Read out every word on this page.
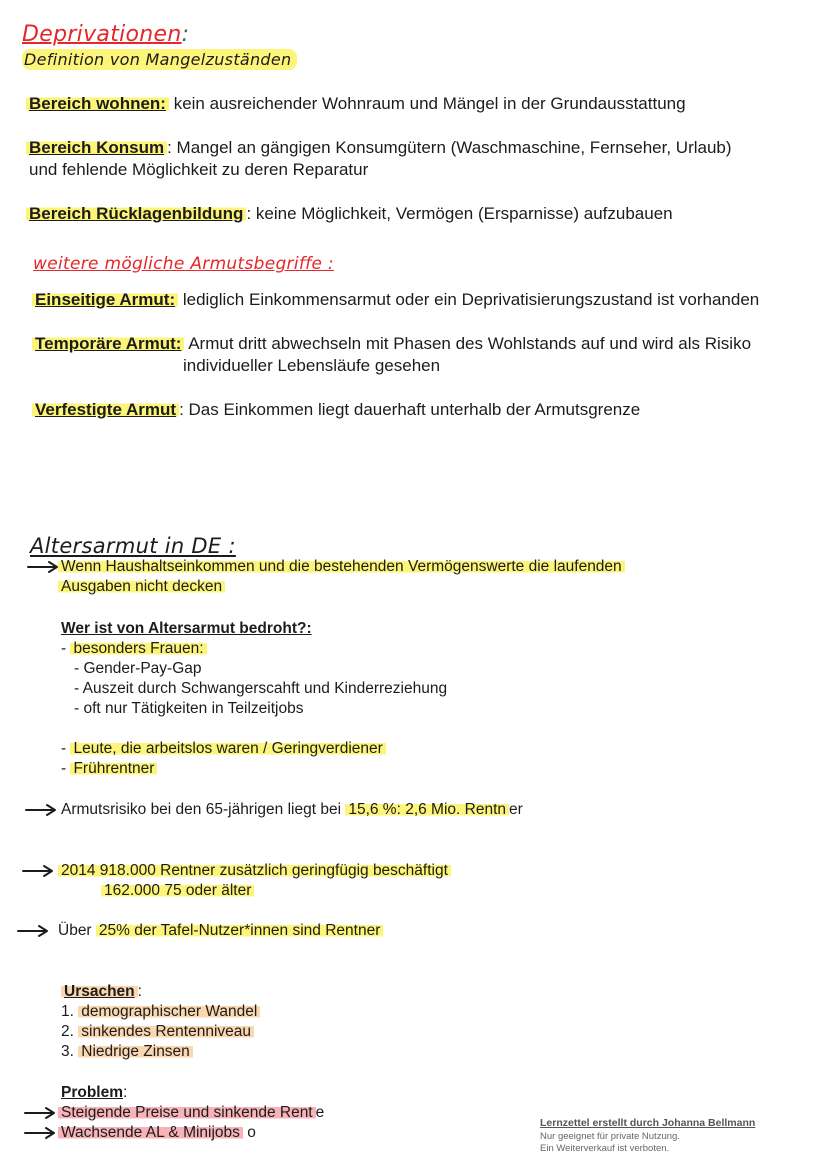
Deprivationen:
Definition von Mangelzuständen
Bereich wohnen: kein ausreichender Wohnraum und Mängel in der Grundausstattung
Bereich Konsum : Mangel an gängigen Konsumgütern (Waschmaschine, Fernseher, Urlaub)
und fehlende Möglichkeit zu deren Reparatur
Bereich Rücklagenbildung : keine Möglichkeit, Vermögen (Ersparnisse) aufzubauen
weitere mögliche Armutsbegriffe :
Einseitige Armut: lediglich Einkommensarmut oder ein Deprivatisierungszustand ist vorhanden
Temporäre Armut: Armut dritt abwechseln mit Phasen des Wohlstands auf und wird als Risiko
individueller Lebensläufe gesehen
Verfestigte Armut : Das Einkommen liegt dauerhaft unterhalb der Armutsgrenze
Altersarmut in DE :
Wenn Haushaltseinkommen und die bestehenden Vermögenswerte die laufenden
Ausgaben nicht decken
Wer ist von Altersarmut bedroht?:
- besonders Frauen:
- Gender-Pay-Gap
- Auszeit durch Schwangerscahft und Kinderreziehung
- oft nur Tätigkeiten in Teilzeitjobs
- Leute, die arbeitslos waren / Geringverdiener
- Frührentner
Armutsrisiko bei den 65-jährigen liegt bei 15,6 %: 2,6 Mio. Rentn er
2014 918.000 Rentner zusätzlich geringfügig beschäftigt
162.000 75 oder älter
Über 25% der Tafel-Nutzer*innen sind Rentner
Ursachen :
1. demographischer Wandel
2. sinkendes Rentenniveau
3. Niedrige Zinsen
Problem:
Steigende Preise und sinkende Rent e
Wachsende AL & Minijobs o
Lernzettel erstellt durch Johanna Bellmann
Nur geeignet für private Nutzung.
Ein Weiterverkauf ist verboten.
